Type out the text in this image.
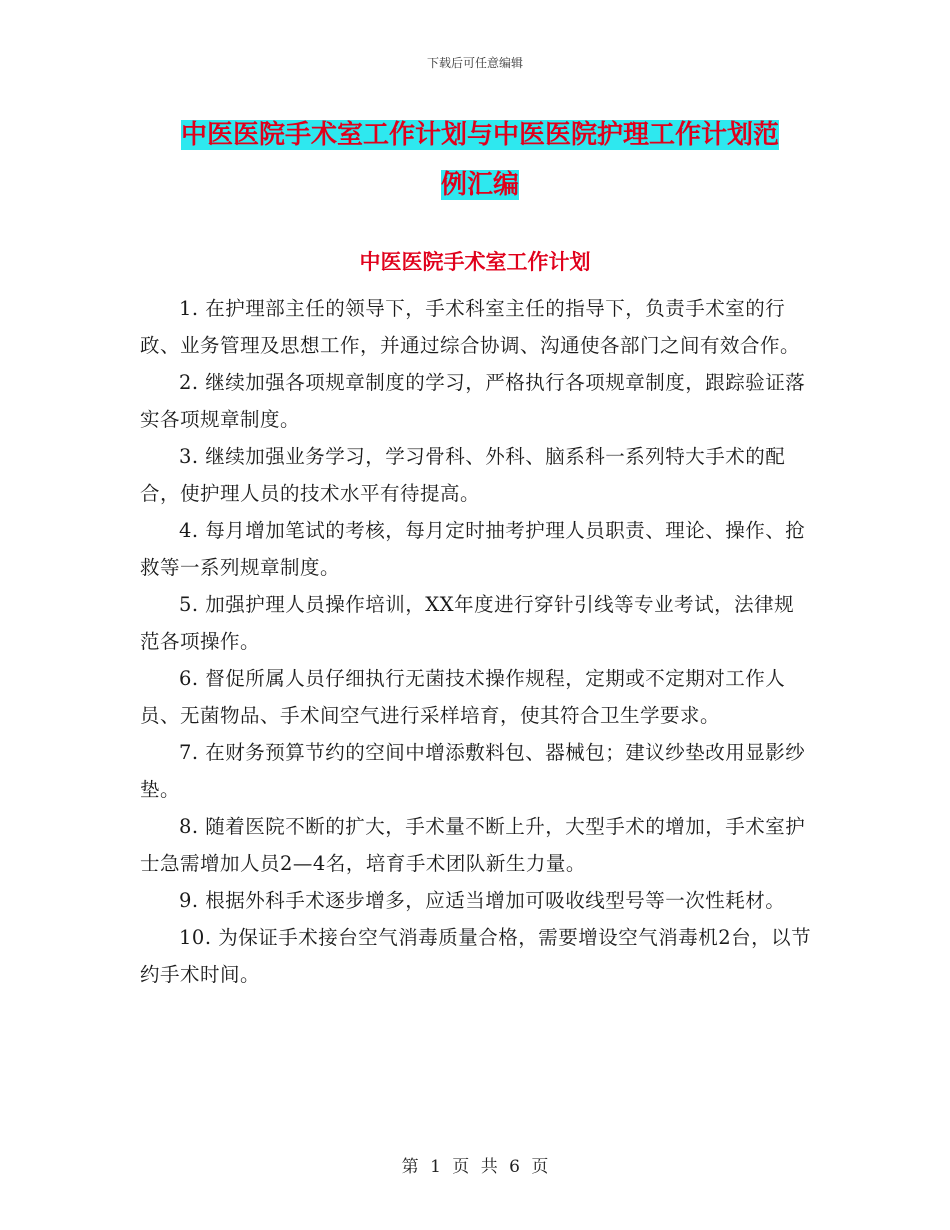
下载后可任意编辑
中医医院手术室工作计划与中医医院护理工作计划范
例汇编
中医医院手术室工作计划

1. 在护理部主任的领导下，手术科室主任的指导下，负责手术室的行政、业务管理及思想工作，并通过综合协调、沟通使各部门之间有效合作。

2. 继续加强各项规章制度的学习，严格执行各项规章制度，跟踪验证落实各项规章制度。

3. 继续加强业务学习，学习骨科、外科、脑系科一系列特大手术的配合，使护理人员的技术水平有待提高。

4. 每月增加笔试的考核，每月定时抽考护理人员职责、理论、操作、抢救等一系列规章制度。

5. 加强护理人员操作培训，XX年度进行穿针引线等专业考试，法律规范各项操作。

6. 督促所属人员仔细执行无菌技术操作规程，定期或不定期对工作人员、无菌物品、手术间空气进行采样培育，使其符合卫生学要求。

7. 在财务预算节约的空间中增添敷料包、器械包；建议纱垫改用显影纱垫。

8. 随着医院不断的扩大，手术量不断上升，大型手术的增加，手术室护士急需增加人员2—4名，培育手术团队新生力量。

9. 根据外科手术逐步增多，应适当增加可吸收线型号等一次性耗材。

10. 为保证手术接台空气消毒质量合格，需要增设空气消毒机2台，以节约手术时间。

第 1 页 共 6 页
